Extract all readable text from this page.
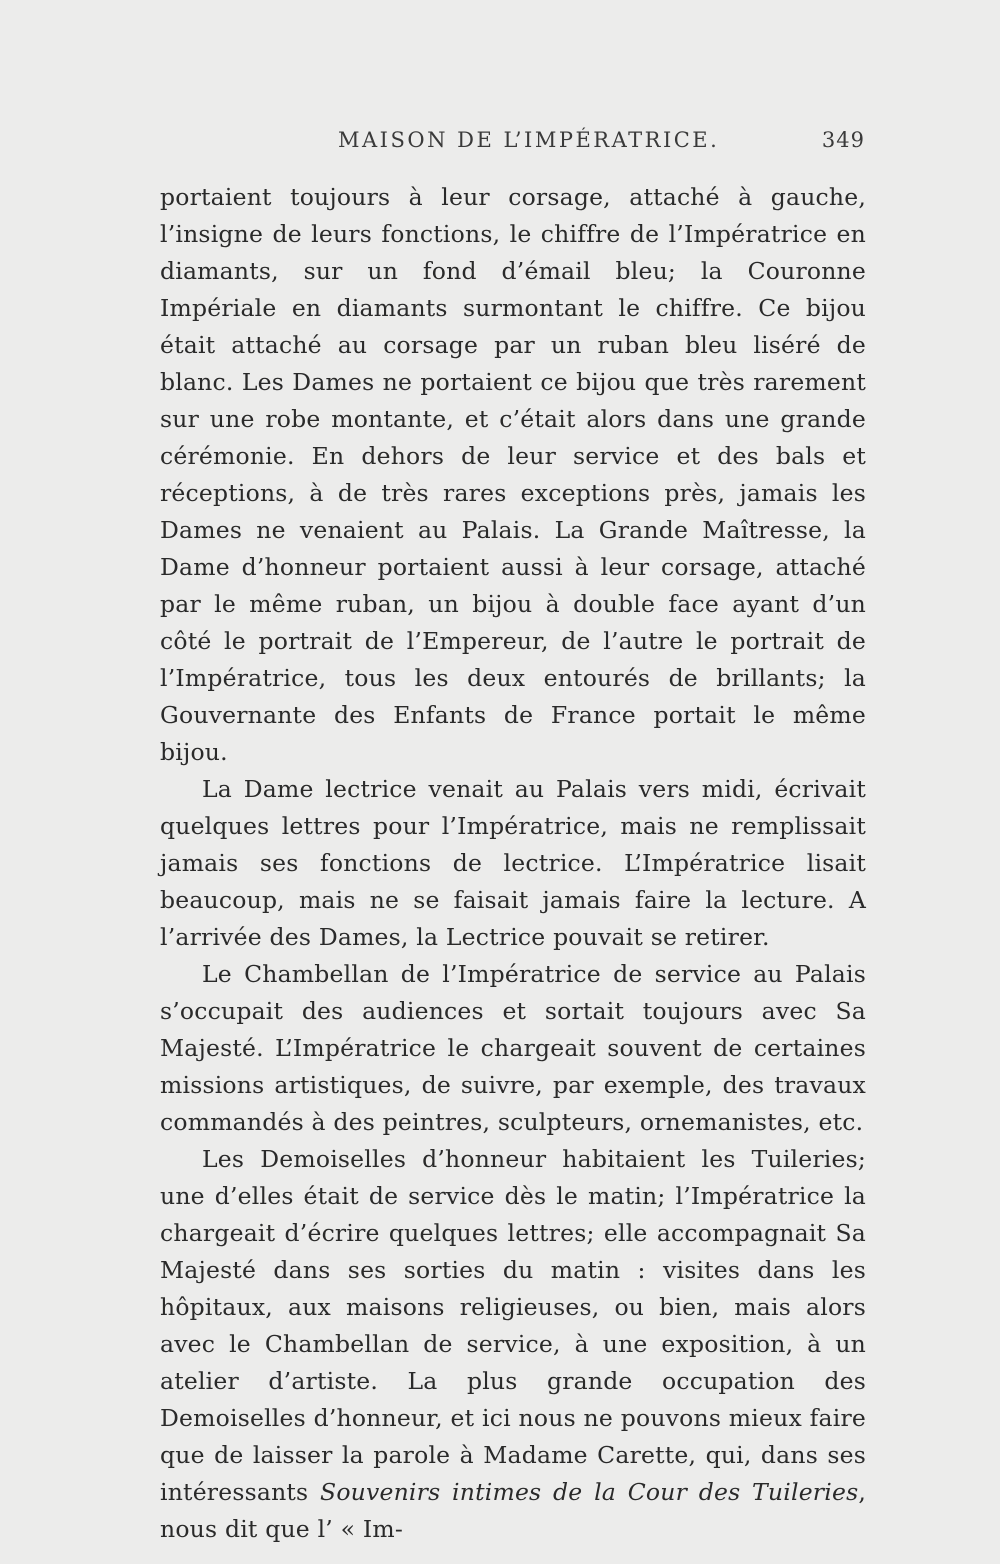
MAISON DE L’IMPÉRATRICE.	349

portaient toujours à leur corsage, attaché à gauche, l’insigne de leurs fonctions, le chiffre de l’Impératrice en diamants, sur un fond d’émail bleu; la Couronne Impériale en diamants surmontant le chiffre. Ce bijou était attaché au corsage par un ruban bleu liséré de blanc. Les Dames ne portaient ce bijou que très rarement sur une robe montante, et c’était alors dans une grande cérémonie. En dehors de leur service et des bals et réceptions, à de très rares exceptions près, jamais les Dames ne venaient au Palais. La Grande Maîtresse, la Dame d’honneur portaient aussi à leur corsage, attaché par le même ruban, un bijou à double face ayant d’un côté le portrait de l’Empereur, de l’autre le portrait de l’Impératrice, tous les deux entourés de brillants; la Gouvernante des Enfants de France portait le même bijou.

La Dame lectrice venait au Palais vers midi, écrivait quelques lettres pour l’Impératrice, mais ne remplissait jamais ses fonctions de lectrice. L’Impératrice lisait beaucoup, mais ne se faisait jamais faire la lecture. A l’arrivée des Dames, la Lectrice pouvait se retirer.

Le Chambellan de l’Impératrice de service au Palais s’occupait des audiences et sortait toujours avec Sa Majesté. L’Impératrice le chargeait souvent de certaines missions artistiques, de suivre, par exemple, des travaux commandés à des peintres, sculpteurs, ornemanistes, etc.

Les Demoiselles d’honneur habitaient les Tuileries; une d’elles était de service dès le matin; l’Impératrice la chargeait d’écrire quelques lettres; elle accompagnait Sa Majesté dans ses sorties du matin : visites dans les hôpitaux, aux maisons religieuses, ou bien, mais alors avec le Chambellan de service, à une exposition, à un atelier d’artiste. La plus grande occupation des Demoiselles d’honneur, et ici nous ne pouvons mieux faire que de laisser la parole à Madame Carette, qui, dans ses intéressants Souvenirs intimes de la Cour des Tuileries, nous dit que l’ « Im-
